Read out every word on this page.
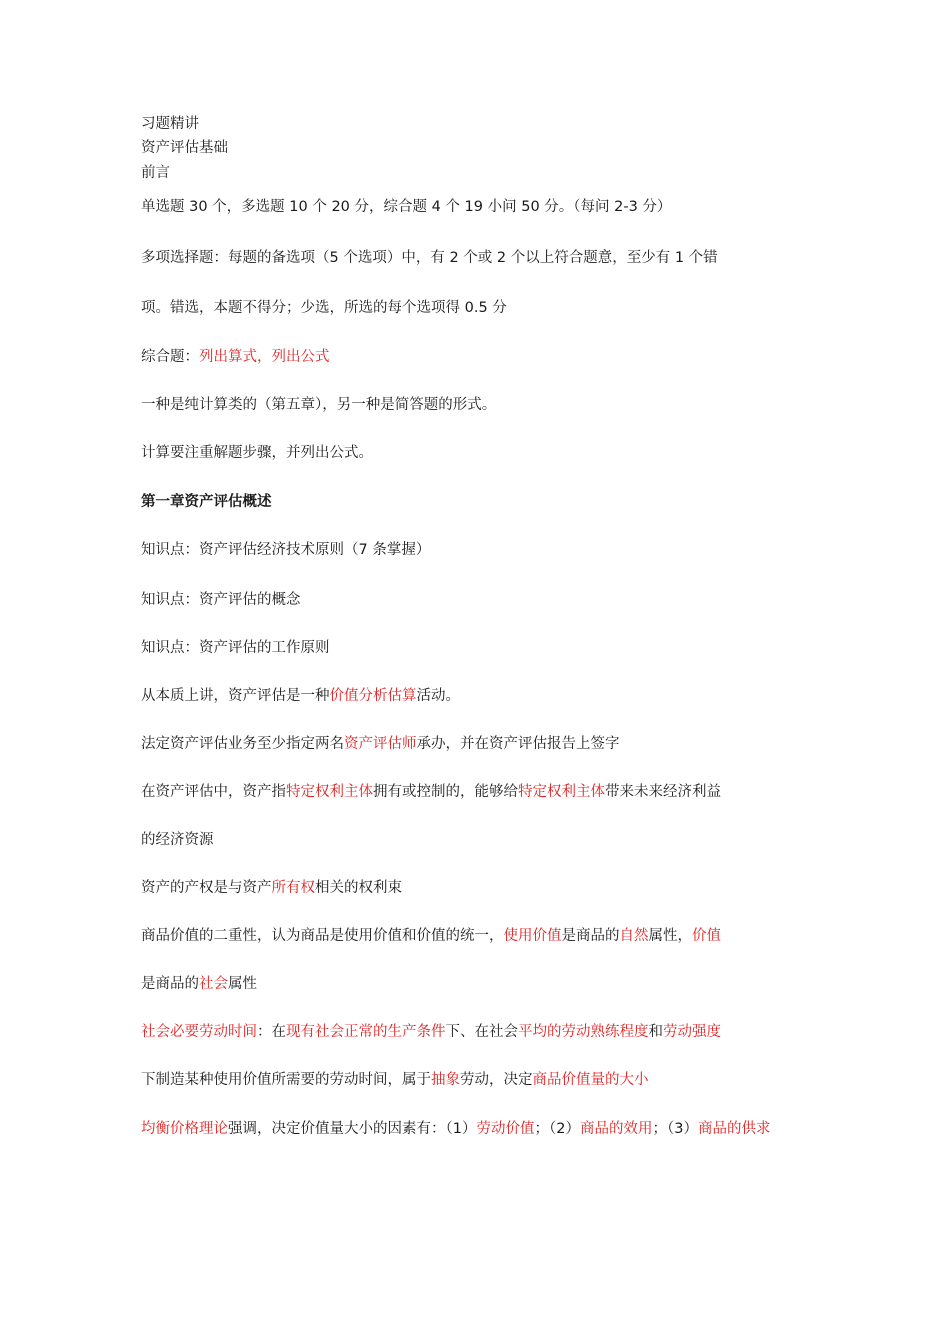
习题精讲
资产评估基础
前言
单选题 30 个，多选题 10 个 20 分，综合题 4 个 19 小问 50 分。（每问 2-3 分）
多项选择题：每题的备选项（5 个选项）中，有 2 个或 2 个以上符合题意，至少有 1 个错
项。错选，本题不得分；少选，所选的每个选项得 0.5 分
综合题：列出算式，列出公式
一种是纯计算类的（第五章），另一种是简答题的形式。
计算要注重解题步骤，并列出公式。
第一章资产评估概述
知识点：资产评估经济技术原则（7 条掌握）
知识点：资产评估的概念
知识点：资产评估的工作原则
从本质上讲，资产评估是一种价值分析估算活动。
法定资产评估业务至少指定两名资产评估师承办，并在资产评估报告上签字
在资产评估中，资产指特定权利主体拥有或控制的，能够给特定权利主体带来未来经济利益
的经济资源
资产的产权是与资产所有权相关的权利束
商品价值的二重性，认为商品是使用价值和价值的统一，使用价值是商品的自然属性，价值
是商品的社会属性
社会必要劳动时间：在现有社会正常的生产条件下、在社会平均的劳动熟练程度和劳动强度
下制造某种使用价值所需要的劳动时间，属于抽象劳动，决定商品价值量的大小
均衡价格理论强调，决定价值量大小的因素有：（1）劳动价值；（2）商品的效用；（3）商品的供求
